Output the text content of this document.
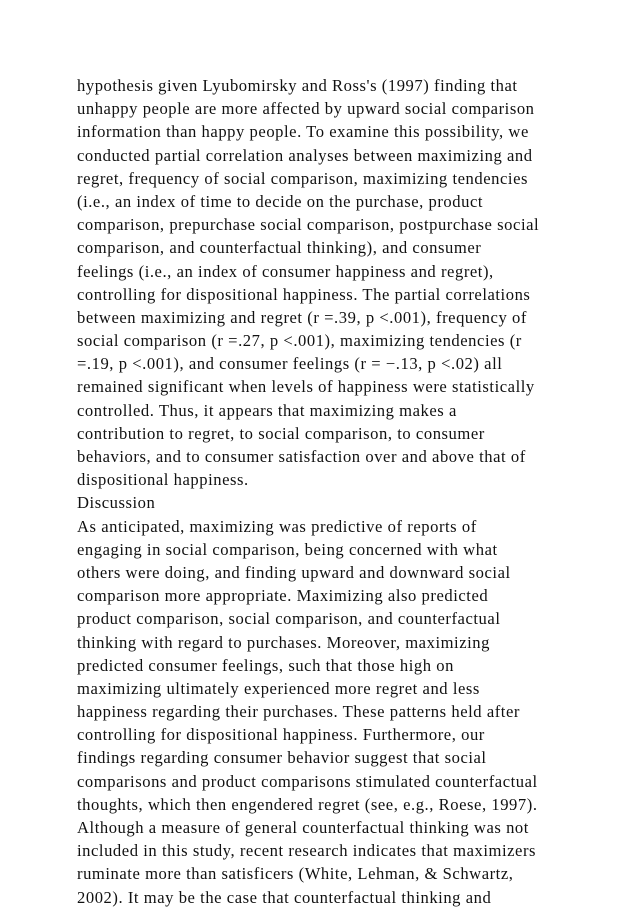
hypothesis given Lyubomirsky and Ross's (1997) finding that
unhappy people are more affected by upward social comparison
information than happy people. To examine this possibility, we
conducted partial correlation analyses between maximizing and
regret, frequency of social comparison, maximizing tendencies
(i.e., an index of time to decide on the purchase, product
comparison, prepurchase social comparison, postpurchase social
comparison, and counterfactual thinking), and consumer
feelings (i.e., an index of consumer happiness and regret),
controlling for dispositional happiness. The partial correlations
between maximizing and regret (r =.39, p <.001), frequency of
social comparison (r =.27, p <.001), maximizing tendencies (r
=.19, p <.001), and consumer feelings (r = −.13, p <.02) all
remained significant when levels of happiness were statistically
controlled. Thus, it appears that maximizing makes a
contribution to regret, to social comparison, to consumer
behaviors, and to consumer satisfaction over and above that of
dispositional happiness.
Discussion
As anticipated, maximizing was predictive of reports of
engaging in social comparison, being concerned with what
others were doing, and finding upward and downward social
comparison more appropriate. Maximizing also predicted
product comparison, social comparison, and counterfactual
thinking with regard to purchases. Moreover, maximizing
predicted consumer feelings, such that those high on
maximizing ultimately experienced more regret and less
happiness regarding their purchases. These patterns held after
controlling for dispositional happiness. Furthermore, our
findings regarding consumer behavior suggest that social
comparisons and product comparisons stimulated counterfactual
thoughts, which then engendered regret (see, e.g., Roese, 1997).
Although a measure of general counterfactual thinking was not
included in this study, recent research indicates that maximizers
ruminate more than satisficers (White, Lehman, & Schwartz,
2002). It may be the case that counterfactual thinking and
